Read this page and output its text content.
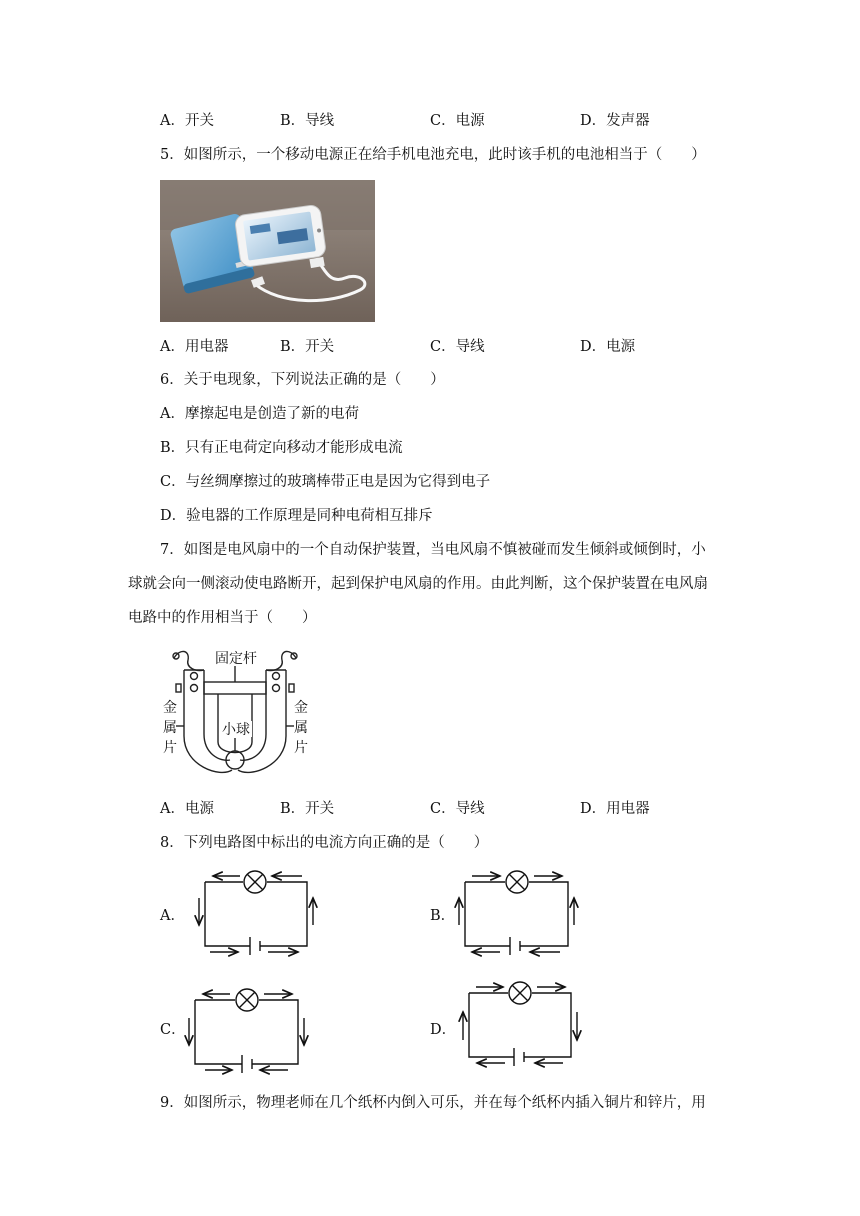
A．开关	B．导线	C．电源	D．发声器
5．如图所示，一个移动电源正在给手机电池充电，此时该手机的电池相当于（　　）
A．用电器	B．开关	C．导线	D．电源
6．关于电现象，下列说法正确的是（　　）
A．摩擦起电是创造了新的电荷
B．只有正电荷定向移动才能形成电流
C．与丝绸摩擦过的玻璃棒带正电是因为它得到电子
D．验电器的工作原理是同种电荷相互排斥
7．如图是电风扇中的一个自动保护装置，当电风扇不慎被碰而发生倾斜或倾倒时，小
球就会向一侧滚动使电路断开，起到保护电风扇的作用。由此判断，这个保护装置在电风扇
电路中的作用相当于（　　）
固定杆
小球
金
属
片
金
属
片
A．电源	B．开关	C．导线	D．用电器
8．下列电路图中标出的电流方向正确的是（　　）
A．	B．
C．	D．
9．如图所示，物理老师在几个纸杯内倒入可乐，并在每个纸杯内插入铜片和锌片，用
